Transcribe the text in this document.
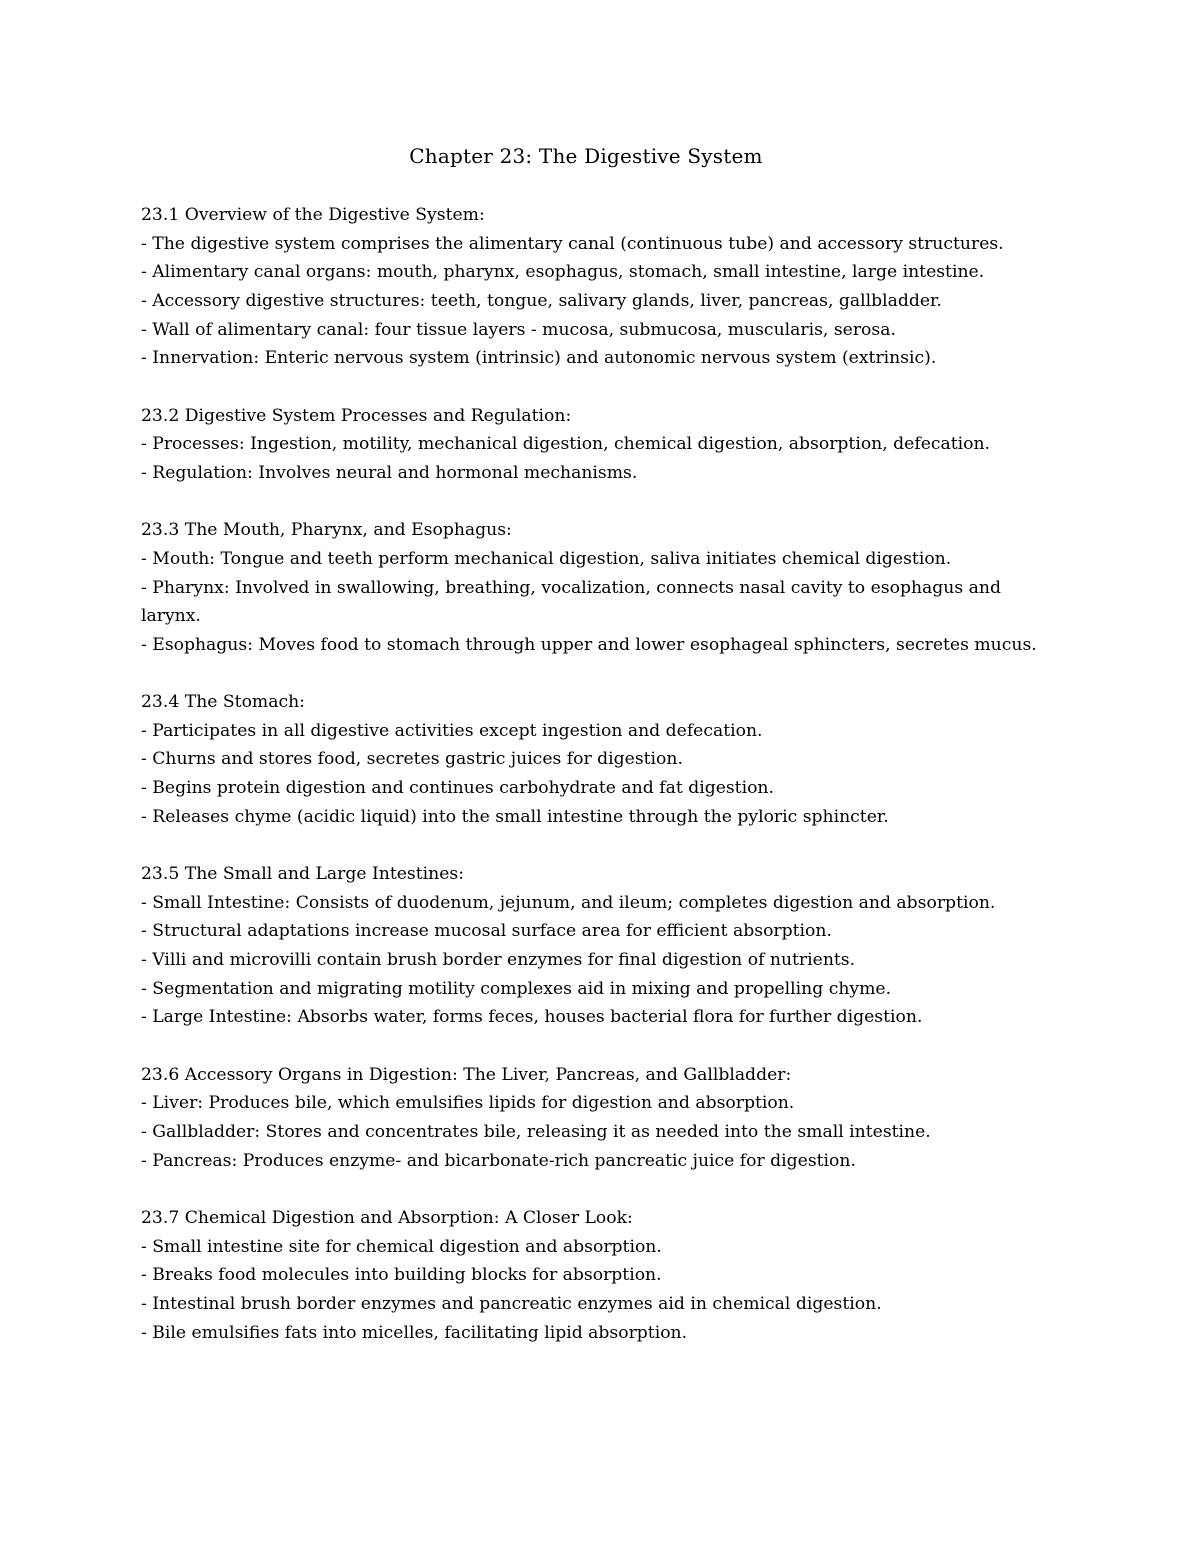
Chapter 23: The Digestive System

23.1 Overview of the Digestive System:

- The digestive system comprises the alimentary canal (continuous tube) and accessory structures.

- Alimentary canal organs: mouth, pharynx, esophagus, stomach, small intestine, large intestine.

- Accessory digestive structures: teeth, tongue, salivary glands, liver, pancreas, gallbladder.

- Wall of alimentary canal: four tissue layers - mucosa, submucosa, muscularis, serosa.

- Innervation: Enteric nervous system (intrinsic) and autonomic nervous system (extrinsic).

23.2 Digestive System Processes and Regulation:

- Processes: Ingestion, motility, mechanical digestion, chemical digestion, absorption, defecation.

- Regulation: Involves neural and hormonal mechanisms.

23.3 The Mouth, Pharynx, and Esophagus:

- Mouth: Tongue and teeth perform mechanical digestion, saliva initiates chemical digestion.

- Pharynx: Involved in swallowing, breathing, vocalization, connects nasal cavity to esophagus and larynx.

- Esophagus: Moves food to stomach through upper and lower esophageal sphincters, secretes mucus.

23.4 The Stomach:

- Participates in all digestive activities except ingestion and defecation.

- Churns and stores food, secretes gastric juices for digestion.

- Begins protein digestion and continues carbohydrate and fat digestion.

- Releases chyme (acidic liquid) into the small intestine through the pyloric sphincter.

23.5 The Small and Large Intestines:

- Small Intestine: Consists of duodenum, jejunum, and ileum; completes digestion and absorption.

- Structural adaptations increase mucosal surface area for efficient absorption.

- Villi and microvilli contain brush border enzymes for final digestion of nutrients.

- Segmentation and migrating motility complexes aid in mixing and propelling chyme.

- Large Intestine: Absorbs water, forms feces, houses bacterial flora for further digestion.

23.6 Accessory Organs in Digestion: The Liver, Pancreas, and Gallbladder:

- Liver: Produces bile, which emulsifies lipids for digestion and absorption.

- Gallbladder: Stores and concentrates bile, releasing it as needed into the small intestine.

- Pancreas: Produces enzyme- and bicarbonate-rich pancreatic juice for digestion.

23.7 Chemical Digestion and Absorption: A Closer Look:

- Small intestine site for chemical digestion and absorption.

- Breaks food molecules into building blocks for absorption.

- Intestinal brush border enzymes and pancreatic enzymes aid in chemical digestion.

- Bile emulsifies fats into micelles, facilitating lipid absorption.
